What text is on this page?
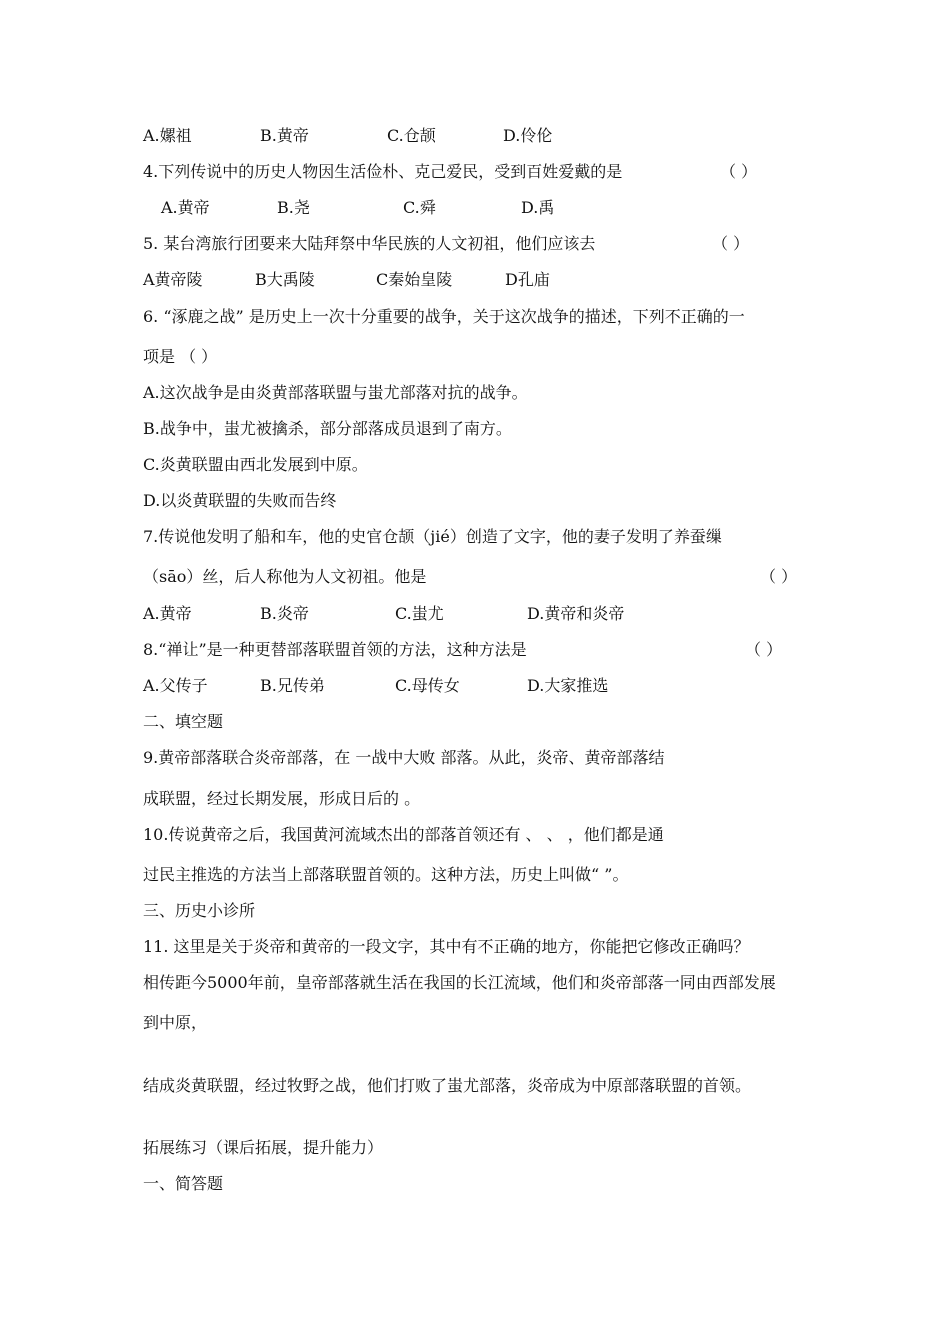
A.嫘祖	B.黄帝	C.仓颉	D.伶伦
4.下列传说中的历史人物因生活俭朴、克己爱民，受到百姓爱戴的是	（ ）
A.黄帝	B.尧	C.舜	D.禹
5. 某台湾旅行团要来大陆拜祭中华民族的人文初祖，他们应该去	（ ）
A黄帝陵	B大禹陵	C秦始皇陵	D孔庙
6. “涿鹿之战” 是历史上一次十分重要的战争，关于这次战争的描述，下列不正确的一
项是 （ ）
A.这次战争是由炎黄部落联盟与蚩尤部落对抗的战争。
B.战争中，蚩尤被擒杀，部分部落成员退到了南方。
C.炎黄联盟由西北发展到中原。
D.以炎黄联盟的失败而告终
7.传说他发明了船和车，他的史官仓颉（jié）创造了文字，他的妻子发明了养蚕缫
（sāo）丝，后人称他为人文初祖。他是	（ ）
A.黄帝	B.炎帝	C.蚩尤	D.黄帝和炎帝
8.“禅让”是一种更替部落联盟首领的方法，这种方法是	（ ）
A.父传子	B.兄传弟	C.母传女	D.大家推选
二、填空题
9.黄帝部落联合炎帝部落，在 一战中大败 部落。从此，炎帝、黄帝部落结
成联盟，经过长期发展，形成日后的 。
10.传说黄帝之后，我国黄河流域杰出的部落首领还有 、 、 ，他们都是通
过民主推选的方法当上部落联盟首领的。这种方法，历史上叫做“ ”。
三、历史小诊所
11. 这里是关于炎帝和黄帝的一段文字，其中有不正确的地方，你能把它修改正确吗？
相传距今5000年前，皇帝部落就生活在我国的长江流域，他们和炎帝部落一同由西部发展
到中原，
结成炎黄联盟，经过牧野之战，他们打败了蚩尤部落，炎帝成为中原部落联盟的首领。
拓展练习（课后拓展，提升能力）
一、简答题
